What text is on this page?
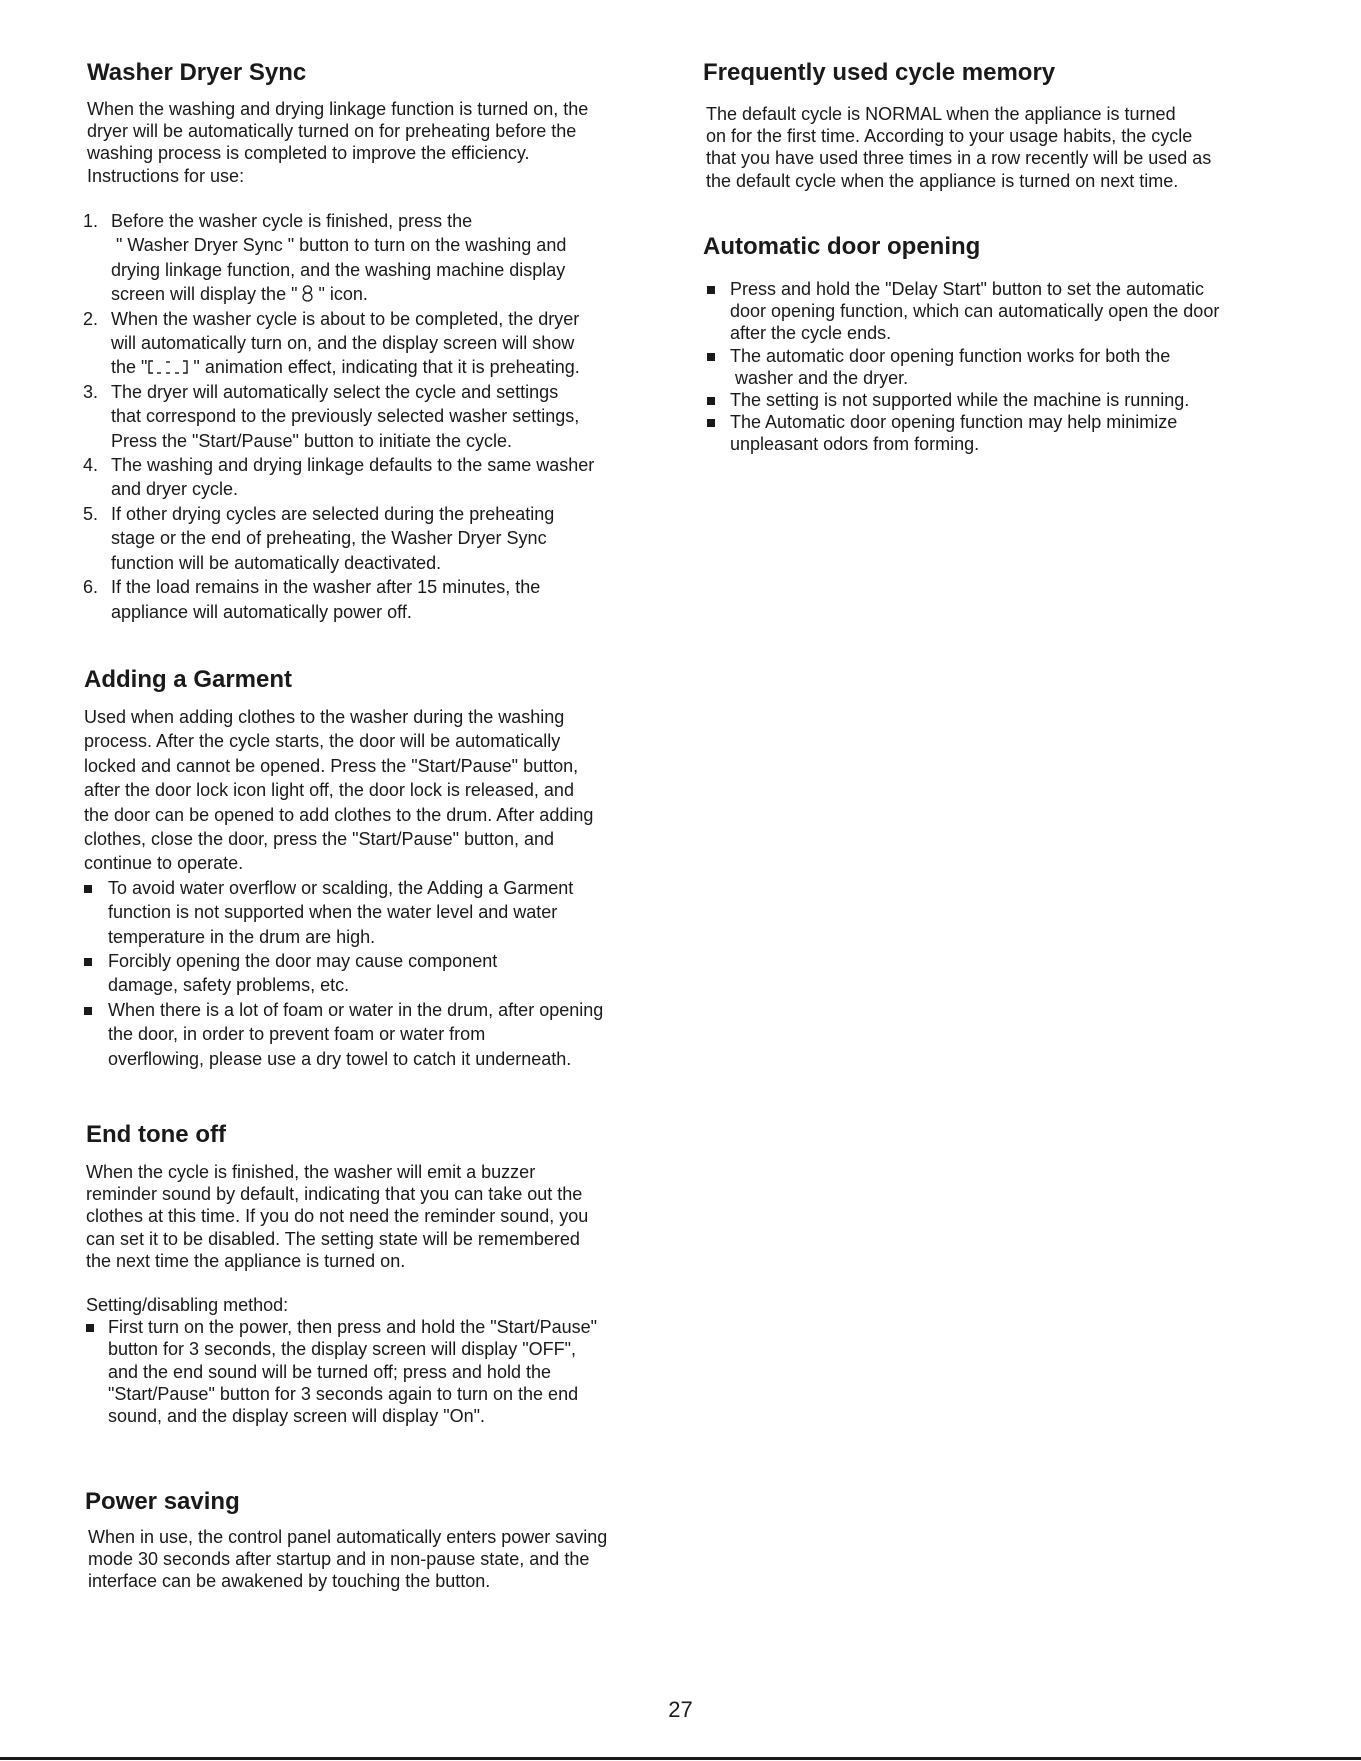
Washer Dryer Sync

When the washing and drying linkage function is turned on, the

dryer will be automatically turned on for preheating before the

washing process is completed to improve the efficiency.

Instructions for use:

1. Before the washer cycle is finished, press the

" Washer Dryer Sync " button to turn on the washing and

drying linkage function, and the washing machine display

screen will display the "  " icon.

2. When the washer cycle is about to be completed, the dryer

will automatically turn on, and the display screen will show

the "	" animation effect, indicating that it is preheating.

3. The dryer will automatically select the cycle and settings

that correspond to the previously selected washer settings,

Press the "Start/Pause" button to initiate the cycle.

4. The washing and drying linkage defaults to the same washer

and dryer cycle.

5. If other drying cycles are selected during the preheating

stage or the end of preheating, the Washer Dryer Sync

function will be automatically deactivated.

6. If the load remains in the washer after 15 minutes, the

appliance will automatically power off.

Adding a Garment

Used when adding clothes to the washer during the washing

process. After the cycle starts, the door will be automatically

locked and cannot be opened. Press the "Start/Pause" button,

after the door lock icon light off, the door lock is released, and

the door can be opened to add clothes to the drum. After adding

clothes, close the door, press the "Start/Pause" button, and

continue to operate.

To avoid water overflow or scalding, the Adding a Garment

function is not supported when the water level and water

temperature in the drum are high.

Forcibly opening the door may cause component

damage, safety problems, etc.

When there is a lot of foam or water in the drum, after opening

the door, in order to prevent foam or water from

overflowing, please use a dry towel to catch it underneath.

End tone off

When the cycle is finished, the washer will emit a buzzer

reminder sound by default, indicating that you can take out the

clothes at this time. If you do not need the reminder sound, you

can set it to be disabled. The setting state will be remembered

the next time the appliance is turned on.

Setting/disabling method:

First turn on the power, then press and hold the "Start/Pause"

button for 3 seconds, the display screen will display "OFF",

and the end sound will be turned off; press and hold the

"Start/Pause" button for 3 seconds again to turn on the end

sound, and the display screen will display "On".

Power saving

When in use, the control panel automatically enters power saving

mode 30 seconds after startup and in non-pause state, and the

interface can be awakened by touching the button.

Frequently used cycle memory

The default cycle is NORMAL when the appliance is turned

on for the first time. According to your usage habits, the cycle

that you have used three times in a row recently will be used as

the default cycle when the appliance is turned on next time.

Automatic door opening

Press and hold the "Delay Start" button to set the automatic

door opening function, which can automatically open the door

after the cycle ends.

The automatic door opening function works for both the

washer and the dryer.

The setting is not supported while the machine is running.

The Automatic door opening function may help minimize

unpleasant odors from forming.

27
